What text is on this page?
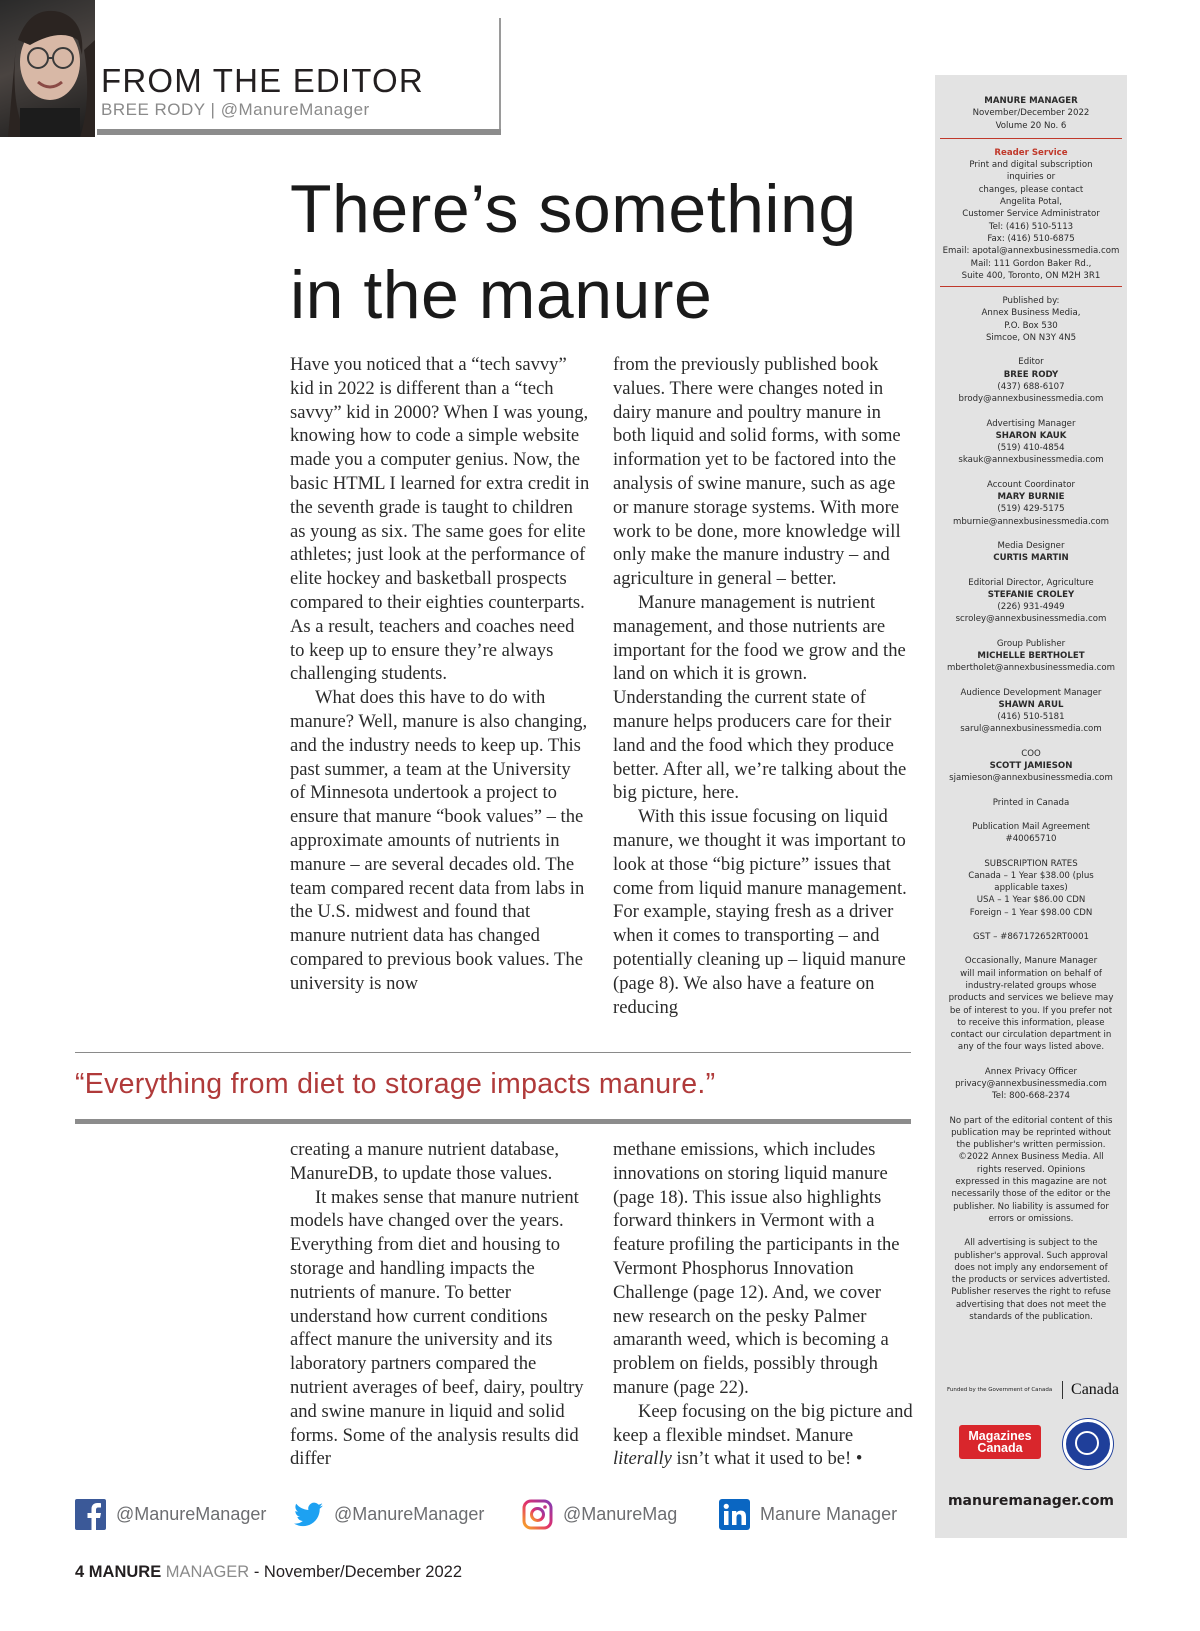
FROM THE EDITOR
BREE RODY | @ManureManager
There’s something
in the manure

Have you noticed that a “tech savvy” kid in 2022 is different than a “tech savvy” kid in 2000? When I was young, knowing how to code a simple website made you a computer genius. Now, the basic HTML I learned for extra credit in the seventh grade is taught to children as young as six. The same goes for elite athletes; just look at the performance of elite hockey and basketball prospects compared to their eighties counterparts. As a result, teachers and coaches need to keep up to ensure they’re always challenging students.

What does this have to do with manure? Well, manure is also changing, and the industry needs to keep up. This past summer, a team at the University of Minnesota undertook a project to ensure that manure “book values” – the approximate amounts of nutrients in manure – are several decades old. The team compared recent data from labs in the U.S. midwest and found that manure nutrient data has changed compared to previous book values. The university is now

from the previously published book values. There were changes noted in dairy manure and poultry manure in both liquid and solid forms, with some information yet to be factored into the analysis of swine manure, such as age or manure storage systems. With more work to be done, more knowledge will only make the manure industry – and agriculture in general – better.

Manure management is nutrient management, and those nutrients are important for the food we grow and the land on which it is grown. Understanding the current state of manure helps producers care for their land and the food which they produce better. After all, we’re talking about the big picture, here.

With this issue focusing on liquid manure, we thought it was important to look at those “big picture” issues that come from liquid manure management. For example, staying fresh as a driver when it comes to transporting – and potentially cleaning up – liquid manure (page 8). We also have a feature on reducing

“Everything from diet to storage impacts manure.”

creating a manure nutrient database, ManureDB, to update those values.

It makes sense that manure nutrient models have changed over the years. Everything from diet and housing to storage and handling impacts the nutrients of manure. To better understand how current conditions affect manure the university and its laboratory partners compared the nutrient averages of beef, dairy, poultry and swine manure in liquid and solid forms. Some of the analysis results did differ

methane emissions, which includes innovations on storing liquid manure (page 18). This issue also highlights forward thinkers in Vermont with a feature profiling the participants in the Vermont Phosphorus Innovation Challenge (page 12). And, we cover new research on the pesky Palmer amaranth weed, which is becoming a problem on fields, possibly through manure (page 22).

Keep focusing on the big picture and keep a flexible mindset. Manure literally isn’t what it used to be! •

@ManureManager	@ManureManager	@ManureMag	Manure Manager
4 MANURE MANAGER - November/December 2022
MANURE MANAGER
November/December 2022
Volume 20 No. 6
Reader Service
Print and digital subscription
inquiries or
changes, please contact
Angelita Potal,
Customer Service Administrator
Tel: (416) 510-5113
Fax: (416) 510-6875
Email: apotal@annexbusinessmedia.com
Mail: 111 Gordon Baker Rd.,
Suite 400, Toronto, ON M2H 3R1
Published by:
Annex Business Media,
P.O. Box 530
Simcoe, ON N3Y 4N5
Editor
BREE RODY
(437) 688-6107
brody@annexbusinessmedia.com
Advertising Manager
SHARON KAUK
(519) 410-4854
skauk@annexbusinessmedia.com
Account Coordinator
MARY BURNIE
(519) 429-5175
mburnie@annexbusinessmedia.com
Media Designer
CURTIS MARTIN
Editorial Director, Agriculture
STEFANIE CROLEY
(226) 931-4949
scroley@annexbusinessmedia.com
Group Publisher
MICHELLE BERTHOLET
mbertholet@annexbusinessmedia.com
Audience Development Manager
SHAWN ARUL
(416) 510-5181
sarul@annexbusinessmedia.com
COO
SCOTT JAMIESON
sjamieson@annexbusinessmedia.com
Printed in Canada
Publication Mail Agreement
#40065710
SUBSCRIPTION RATES
Canada – 1 Year $38.00 (plus
applicable taxes)
USA – 1 Year $86.00 CDN
Foreign – 1 Year $98.00 CDN
GST – #867172652RT0001
Occasionally, Manure Manager
will mail information on behalf of
industry-related groups whose
products and services we believe may
be of interest to you. If you prefer not
to receive this information, please
contact our circulation department in
any of the four ways listed above.
Annex Privacy Officer
privacy@annexbusinessmedia.com
Tel: 800-668-2374
No part of the editorial content of this
publication may be reprinted without
the publisher's written permission.
©2022 Annex Business Media. All
rights reserved. Opinions
expressed in this magazine are not
necessarily those of the editor or the
publisher. No liability is assumed for
errors or omissions.
All advertising is subject to the
publisher's approval. Such approval
does not imply any endorsement of
the products or services advertisted.
Publisher reserves the right to refuse
advertising that does not meet the
standards of the publication.
Funded by the Government of Canada	Canada
Magazines
Canada
manuremanager.com
